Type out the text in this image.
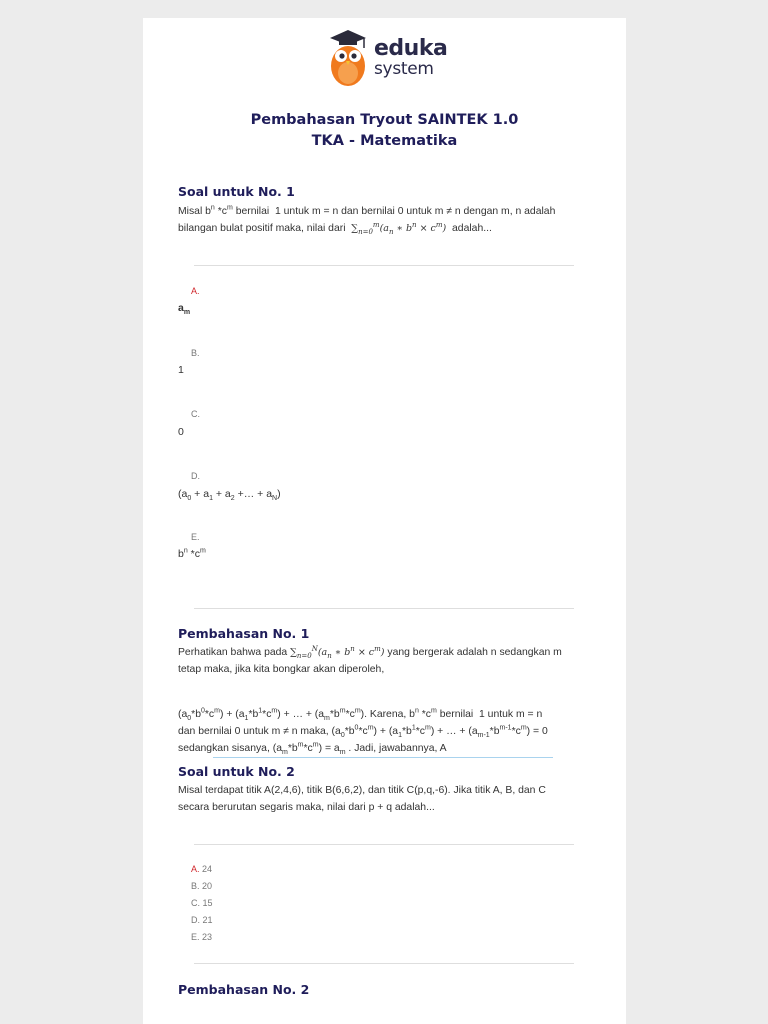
eduka
system
Pembahasan Tryout SAINTEK 1.0
TKA - Matematika
Soal untuk No. 1
Misal $b^n$ $*c^m$ bernilai  1 untuk m = n dan bernilai 0 untuk m ≠ n dengan m, n adalah
bilangan bulat positif maka, nilai dari $\sum_{n=0}^m(a_n$ ∗ $b^n \times c^m$) adalah...
A.
$a_m$
B.
1
C.
0
D.
($a_0 + a_1 + a_2$ +… + $a_N$)
E.
$b^n$ $*c^m$
Pembahasan No. 1
Perhatikan bahwa pada $\sum_{n=0}^N(a_n$ ∗ $b^n \times c^m$) yang bergerak adalah n sedangkan m
tetap maka, jika kita bongkar akan diperoleh,
$(a_0*b^0*c^m) + (a_1*b^1*c^m)$ + … + $(a_m*b^m*c^m)$. Karena, $b^n$ $*c^m$ bernilai  1 untuk m = n
dan bernilai 0 untuk m ≠ n maka, $(a_0*b^0*c^m) + (a_1*b^1*c^m)$ + … + $(a_{m-1}*b^{m-1}*c^m) = 0$
sedangkan sisanya, $(a_m*b^m*c^m) = a_m$ . Jadi, jawabannya, A
Soal untuk No. 2
Misal terdapat titik A(2,4,6), titik B(6,6,2), dan titik C(p,q,-6). Jika titik A, B, dan C
secara berurutan segaris maka, nilai dari p + q adalah...
A. 24
B. 20
C. 15
D. 21
E. 23
Pembahasan No. 2
